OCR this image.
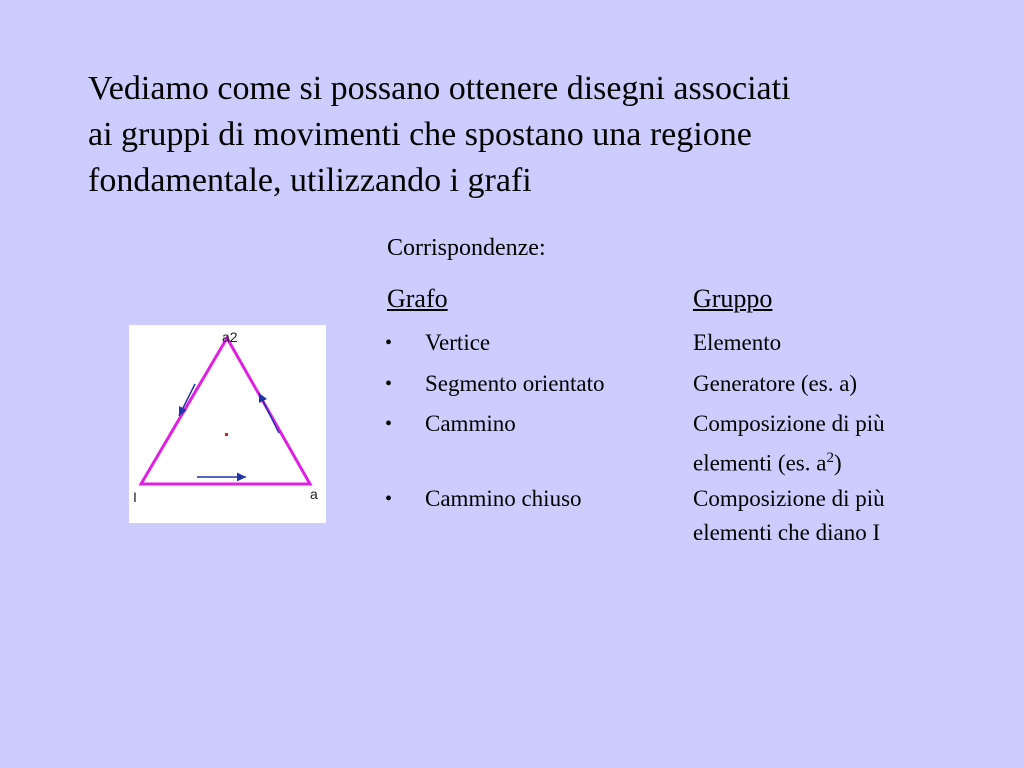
Vediamo come si possano ottenere disegni associati
ai gruppi di movimenti che spostano una regione
fondamentale, utilizzando i grafi
a2
I	a
Corrispondenze:
Grafo	Gruppo
• Vertice	Elemento
• Segmento orientato	Generatore (es. a)
• Cammino	Composizione di più
elementi (es. $a^2$)
• Cammino chiuso	Composizione di più
elementi che diano I
